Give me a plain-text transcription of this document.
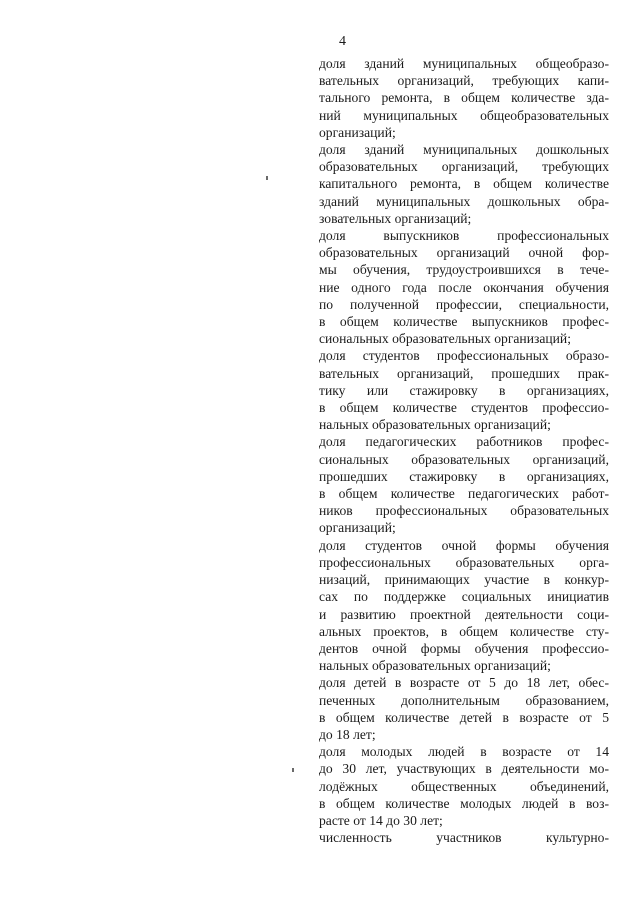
4
доля зданий муниципальных общеобразо-
вательных организаций, требующих капи-
тального ремонта, в общем количестве зда-
ний муниципальных общеобразовательных
организаций;
доля зданий муниципальных дошкольных
образовательных организаций, требующих
капитального ремонта, в общем количестве
зданий муниципальных дошкольных обра-
зовательных организаций;
доля выпускников профессиональных
образовательных организаций очной фор-
мы обучения, трудоустроившихся в тече-
ние одного года после окончания обучения
по полученной профессии, специальности,
в общем количестве выпускников профес-
сиональных образовательных организаций;
доля студентов профессиональных образо-
вательных организаций, прошедших прак-
тику или стажировку в организациях,
в общем количестве студентов профессио-
нальных образовательных организаций;
доля педагогических работников профес-
сиональных образовательных организаций,
прошедших стажировку в организациях,
в общем количестве педагогических работ-
ников профессиональных образовательных
организаций;
доля студентов очной формы обучения
профессиональных образовательных орга-
низаций, принимающих участие в конкур-
сах по поддержке социальных инициатив
и развитию проектной деятельности соци-
альных проектов, в общем количестве сту-
дентов очной формы обучения профессио-
нальных образовательных организаций;
доля детей в возрасте от 5 до 18 лет, обес-
печенных дополнительным образованием,
в общем количестве детей в возрасте от 5
до 18 лет;
доля молодых людей в возрасте от 14
до 30 лет, участвующих в деятельности мо-
лодёжных общественных объединений,
в общем количестве молодых людей в воз-
расте от 14 до 30 лет;
численность участников культурно-
